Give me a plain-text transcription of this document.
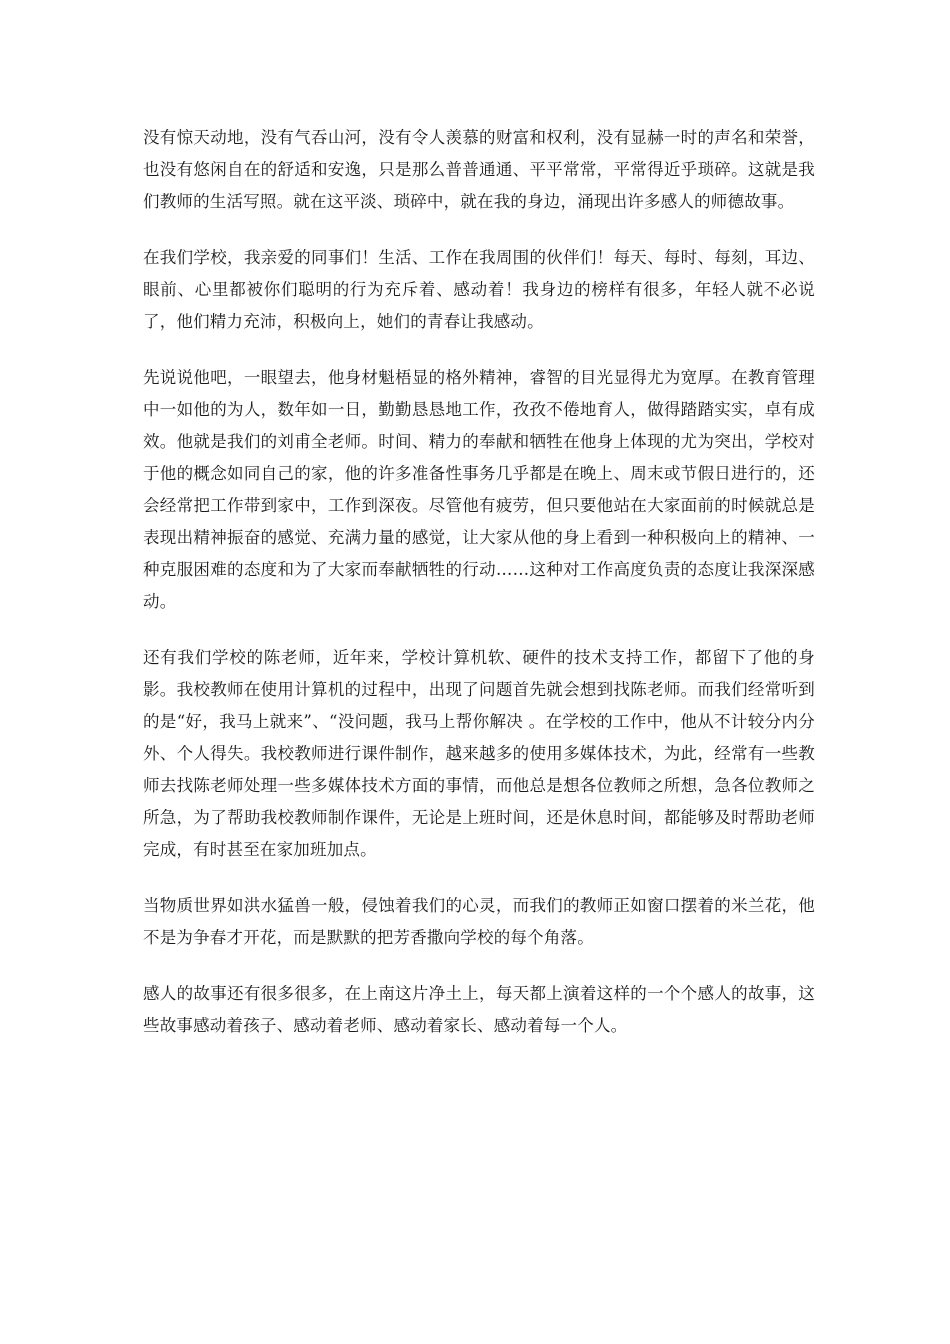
没有惊天动地，没有气吞山河，没有令人羡慕的财富和权利，没有显赫一时的声名和荣誉，也没有悠闲自在的舒适和安逸，只是那么普普通通、平平常常，平常得近乎琐碎。这就是我们教师的生活写照。就在这平淡、琐碎中，就在我的身边，涌现出许多感人的师德故事。

在我们学校，我亲爱的同事们！生活、工作在我周围的伙伴们！每天、每时、每刻，耳边、眼前、心里都被你们聪明的行为充斥着、感动着！我身边的榜样有很多，年轻人就不必说了，他们精力充沛，积极向上，她们的青春让我感动。

先说说他吧，一眼望去，他身材魁梧显的格外精神，睿智的目光显得尤为宽厚。在教育管理中一如他的为人，数年如一日，勤勤恳恳地工作，孜孜不倦地育人，做得踏踏实实，卓有成效。他就是我们的刘甫全老师。时间、精力的奉献和牺牲在他身上体现的尤为突出，学校对于他的概念如同自己的家，他的许多准备性事务几乎都是在晚上、周末或节假日进行的，还会经常把工作带到家中，工作到深夜。尽管他有疲劳，但只要他站在大家面前的时候就总是表现出精神振奋的感觉、充满力量的感觉，让大家从他的身上看到一种积极向上的精神、一种克服困难的态度和为了大家而奉献牺牲的行动……这种对工作高度负责的态度让我深深感动。

还有我们学校的陈老师，近年来，学校计算机软、硬件的技术支持工作，都留下了他的身影。我校教师在使用计算机的过程中，出现了问题首先就会想到找陈老师。而我们经常听到的是“好，我马上就来”、“没问题，我马上帮你解决 。在学校的工作中，他从不计较分内分外、个人得失。我校教师进行课件制作，越来越多的使用多媒体技术，为此，经常有一些教师去找陈老师处理一些多媒体技术方面的事情，而他总是想各位教师之所想，急各位教师之所急，为了帮助我校教师制作课件，无论是上班时间，还是休息时间，都能够及时帮助老师完成，有时甚至在家加班加点。

当物质世界如洪水猛兽一般，侵蚀着我们的心灵，而我们的教师正如窗口摆着的米兰花，他不是为争春才开花，而是默默的把芳香撒向学校的每个角落。

感人的故事还有很多很多，在上南这片净土上，每天都上演着这样的一个个感人的故事，这些故事感动着孩子、感动着老师、感动着家长、感动着每一个人。
